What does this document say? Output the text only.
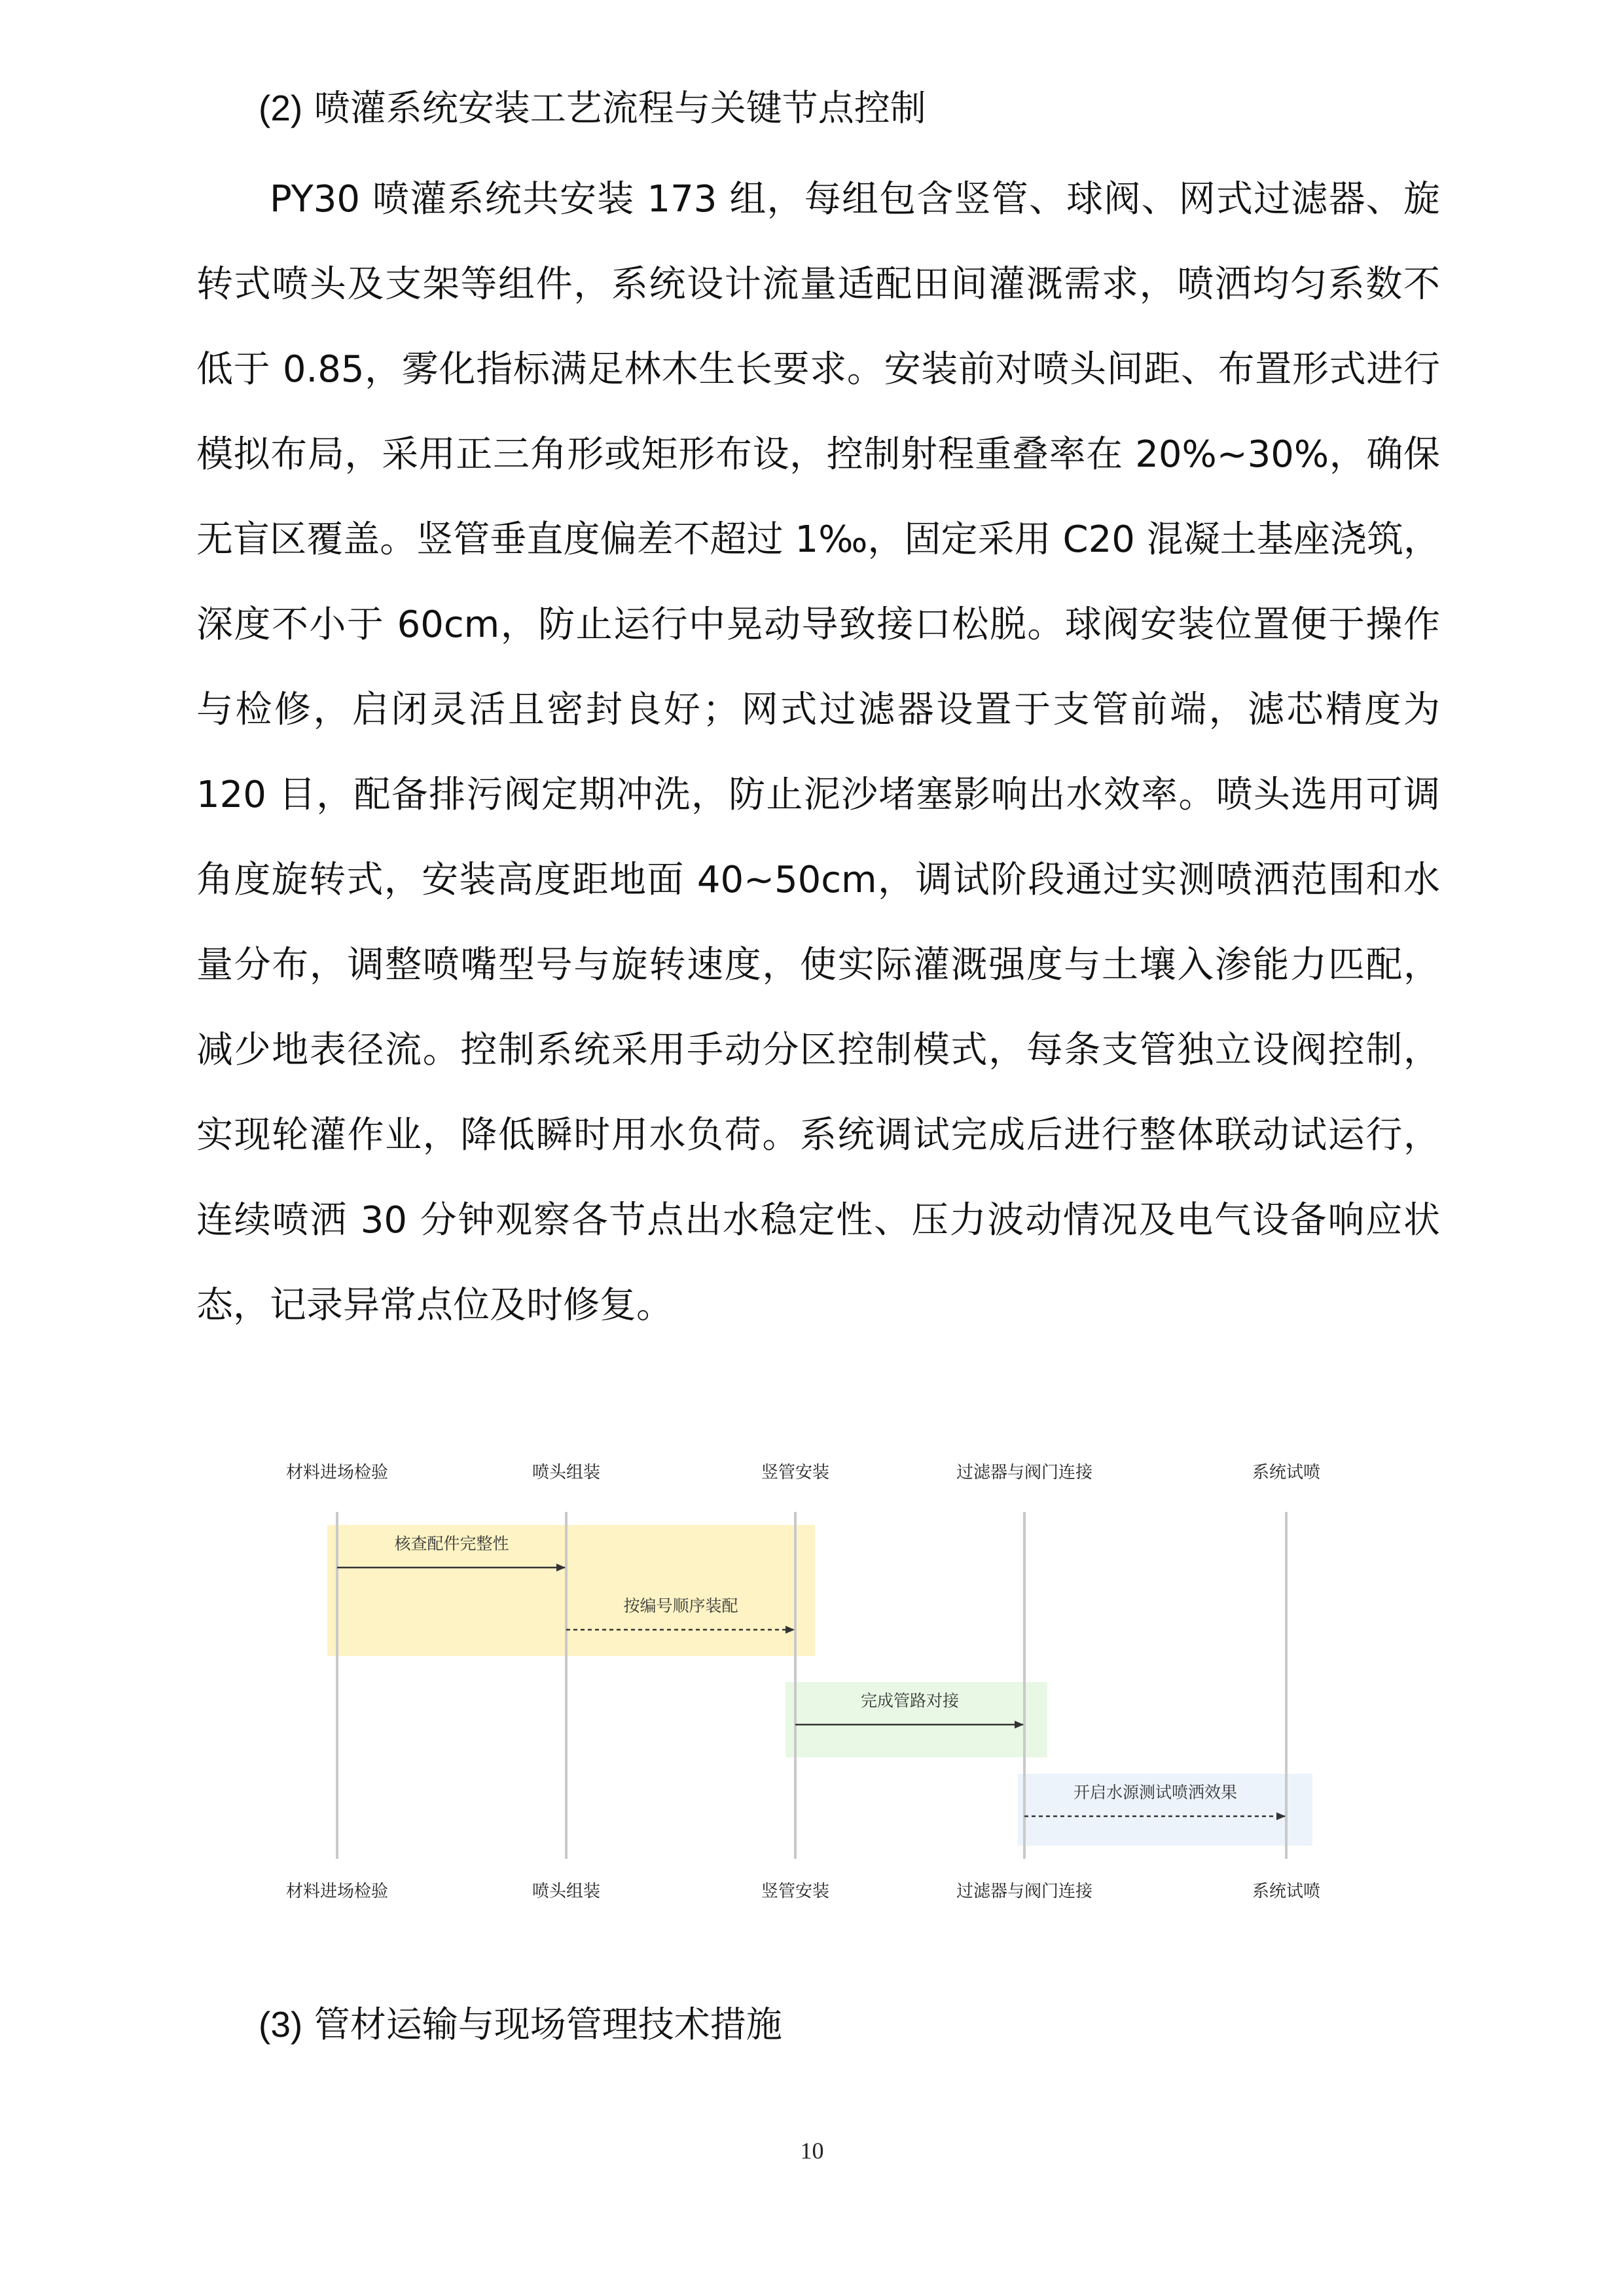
(2) 喷灌系统安装工艺流程与关键节点控制
PY30 喷灌系统共安装 173 组，每组包含竖管、球阀、网式过滤器、旋转式喷头及支架等组件，系统设计流量适配田间灌溉需求，喷洒均匀系数不低于 0.85，雾化指标满足林木生长要求。安装前对喷头间距、布置形式进行模拟布局，采用正三角形或矩形布设，控制射程重叠率在 20%~30%，确保无盲区覆盖。竖管垂直度偏差不超过 1‰，固定采用 C20 混凝土基座浇筑，深度不小于 60cm，防止运行中晃动导致接口松脱。球阀安装位置便于操作与检修，启闭灵活且密封良好；网式过滤器设置于支管前端，滤芯精度为 120 目，配备排污阀定期冲洗，防止泥沙堵塞影响出水效率。喷头选用可调角度旋转式，安装高度距地面 40~50cm，调试阶段通过实测喷洒范围和水量分布，调整喷嘴型号与旋转速度，使实际灌溉强度与土壤入渗能力匹配，减少地表径流。控制系统采用手动分区控制模式，每条支管独立设阀控制，实现轮灌作业，降低瞬时用水负荷。系统调试完成后进行整体联动试运行，连续喷洒 30 分钟观察各节点出水稳定性、压力波动情况及电气设备响应状态，记录异常点位及时修复。
材料进场检验
材料进场检验
喷头组装
喷头组装
竖管安装
竖管安装
过滤器与阀门连接
过滤器与阀门连接
系统试喷
系统试喷
核查配件完整性
按编号顺序装配
完成管路对接
开启水源测试喷洒效果
(3) 管材运输与现场管理技术措施
10
